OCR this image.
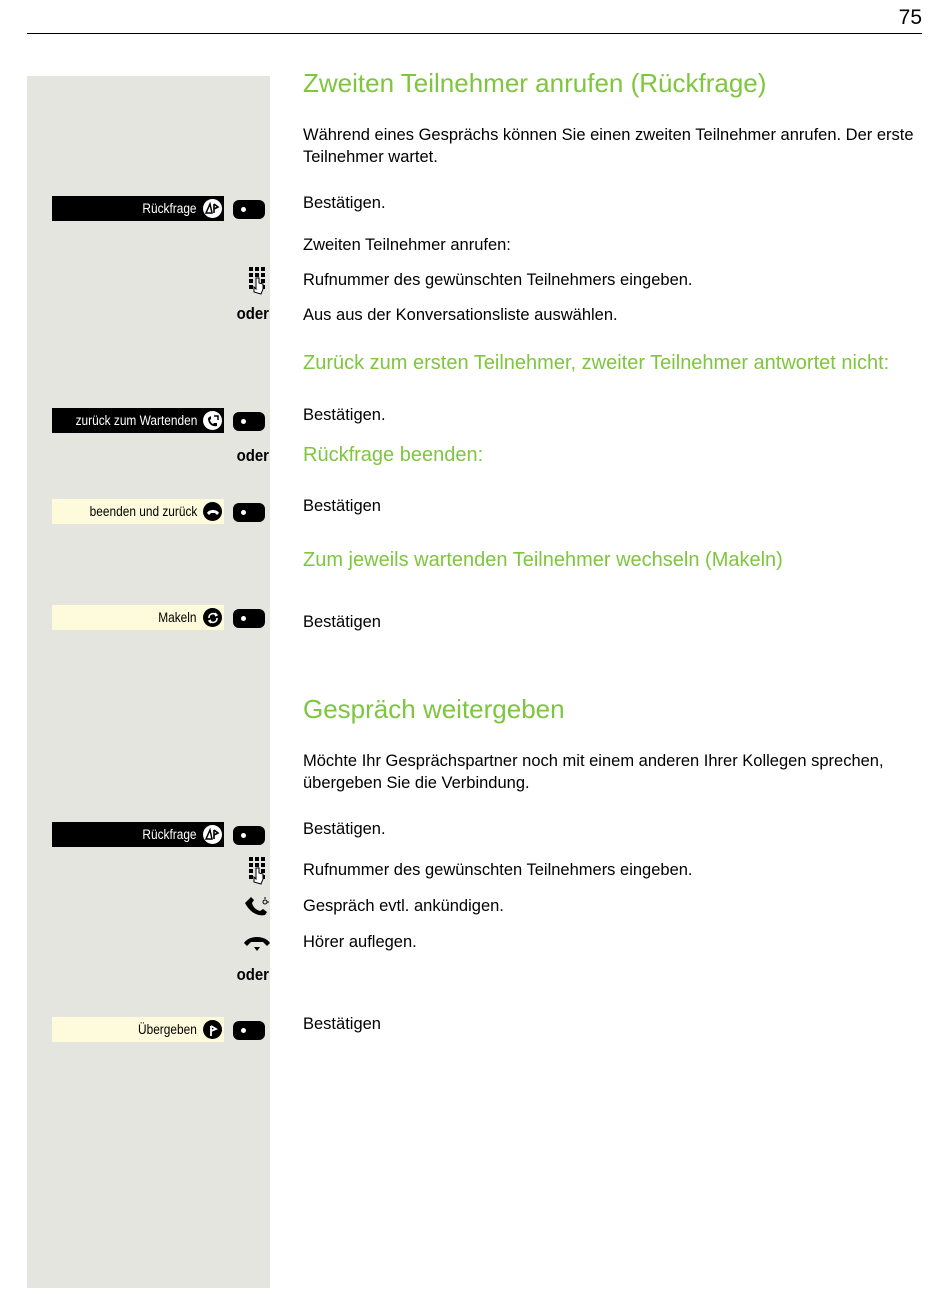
75
Zweiten Teilnehmer anrufen (Rückfrage)
Während eines Gesprächs können Sie einen zweiten Teilnehmer anrufen. Der erste Teilnehmer wartet.
Rückfrage	Bestätigen.
Zweiten Teilnehmer anrufen:
Rufnummer des gewünschten Teilnehmers eingeben.
oder Aus aus der Konversationsliste auswählen.
Zurück zum ersten Teilnehmer, zweiter Teilnehmer antwortet nicht:
zurück zum Wartenden	Bestätigen.
oder Rückfrage beenden:
beenden und zurück	Bestätigen
Zum jeweils wartenden Teilnehmer wechseln (Makeln)
Makeln	Bestätigen
Gespräch weitergeben
Möchte Ihr Gesprächspartner noch mit einem anderen Ihrer Kollegen sprechen, übergeben Sie die Verbindung.
Rückfrage	Bestätigen.
Rufnummer des gewünschten Teilnehmers eingeben.
Gespräch evtl. ankündigen.
Hörer auflegen.
oder
Übergeben	Bestätigen
